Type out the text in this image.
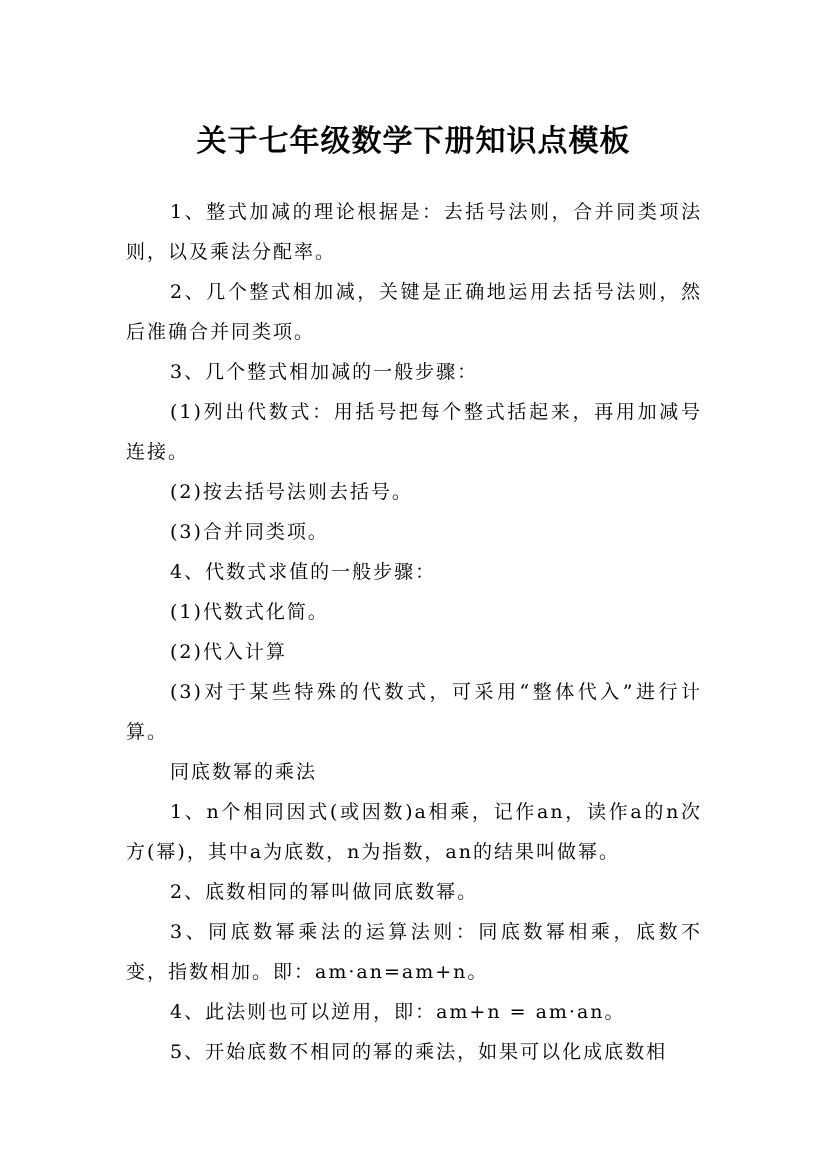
关于七年级数学下册知识点模板

1、整式加减的理论根据是：去括号法则，合并同类项法则，以及乘法分配率。

2、几个整式相加减，关键是正确地运用去括号法则，然后准确合并同类项。

3、几个整式相加减的一般步骤：

(1)列出代数式：用括号把每个整式括起来，再用加减号连接。

(2)按去括号法则去括号。

(3)合并同类项。

4、代数式求值的一般步骤：

(1)代数式化简。

(2)代入计算

(3)对于某些特殊的代数式，可采用“整体代入”进行计算。

同底数幂的乘法

1、n个相同因式(或因数)a相乘，记作an，读作a的n次方(幂)，其中a为底数，n为指数，an的结果叫做幂。

2、底数相同的幂叫做同底数幂。

3、同底数幂乘法的运算法则：同底数幂相乘，底数不变，指数相加。即：am·an=am+n。

4、此法则也可以逆用，即：am+n = am·an。

5、开始底数不相同的幂的乘法，如果可以化成底数相
